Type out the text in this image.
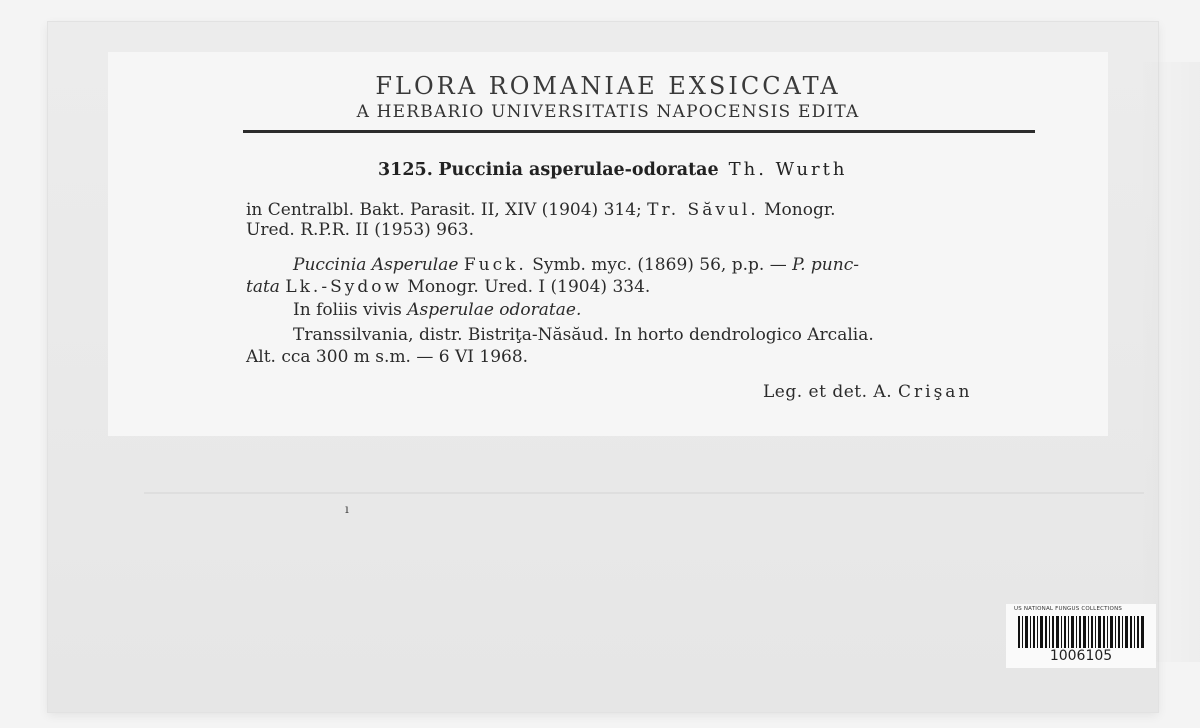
FLORA ROMANIAE EXSICCATA
A HERBARIO UNIVERSITATIS NAPOCENSIS EDITA
3125. Puccinia asperulae-odoratae Th. Wurth
in Centralbl. Bakt. Parasit. II, XIV (1904) 314; Tr. Săvul. Monogr.
Ured. R.P.R. II (1953) 963.
Puccinia Asperulae Fuck. Symb. myc. (1869) 56, p.p. — P. punc-
tata Lk.-Sydow Monogr. Ured. I (1904) 334.
In foliis vivis Asperulae odoratae.
Transsilvania, distr. Bistriţa-Năsăud. In horto dendrologico Arcalia.
Alt. cca 300 m s.m. — 6 VI 1968.
Leg. et det. A. Crişan
ı
US NATIONAL FUNGUS COLLECTIONS
1006105
